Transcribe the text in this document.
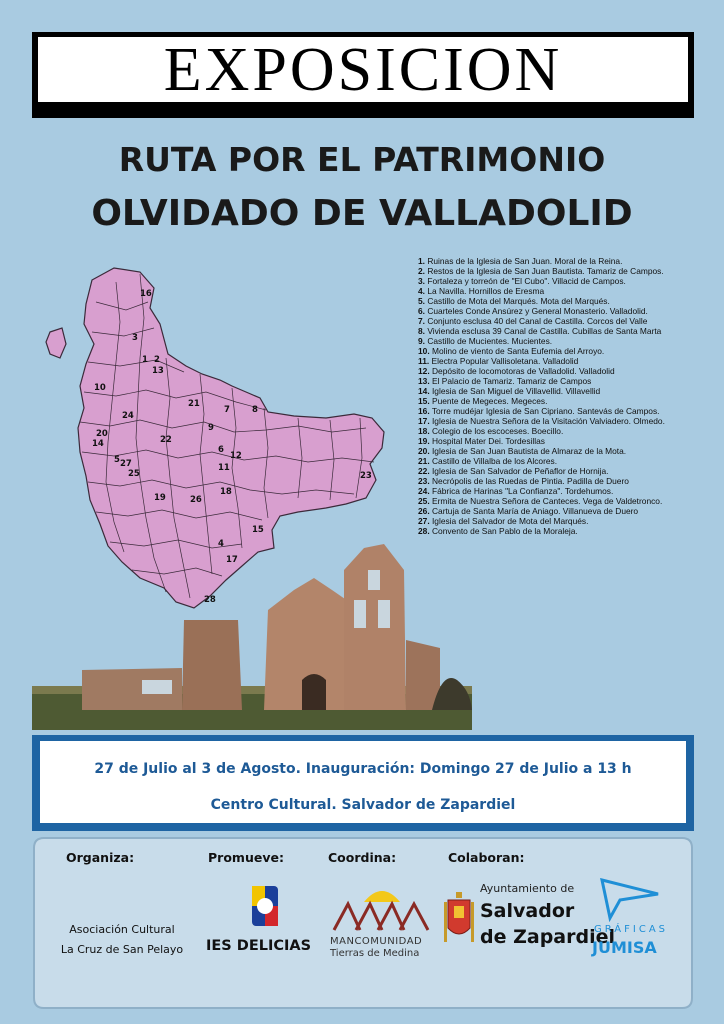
EXPOSICION
RUTA POR EL PATRIMONIO
OLVIDADO DE VALLADOLID
16
3
1 2
13
10
21
7	8
24
9
20
14	22
6
12
5 27
25
11
18
23
19	26
15
4
17
28
1. Ruinas de la Iglesia de San Juan. Moral de la Reina.
2. Restos de la Iglesia de San Juan Bautista. Tamariz de Campos.
3. Fortaleza y torreón de "El Cubo". Villacid de Campos.
4. La Navilla. Hornillos de Eresma
5. Castillo de Mota del Marqués. Mota del Marqués.
6. Cuarteles Conde Ansúrez y General Monasterio. Valladolid.
7. Conjunto esclusa 40 del Canal de Castilla. Corcos del Valle
8. Vivienda esclusa 39 Canal de Castilla. Cubillas de Santa Marta
9. Castillo de Mucientes. Mucientes.
10. Molino de viento de Santa Eufemia del Arroyo.
11. Electra Popular Vallisoletana. Valladolid
12. Depósito de locomotoras de Valladolid. Valladolid
13. El Palacio de Tamariz. Tamariz de Campos
14. Iglesia de San Miguel de Villavellid. Villavellid
15. Puente de Megeces. Megeces.
16. Torre mudéjar Iglesia de San Cipriano. Santevás de Campos.
17. Iglesia de Nuestra Señora de la Visitación Valviadero. Olmedo.
18. Colegio de los escoceses. Boecillo.
19. Hospital Mater Dei. Tordesillas
20. Iglesia de San Juan Bautista de Almaraz de la Mota.
21. Castillo de Villalba de los Alcores.
22. Iglesia de San Salvador de Peñaflor de Hornija.
23. Necrópolis de las Ruedas de Pintia. Padilla de Duero
24. Fábrica de Harinas "La Confianza". Tordehumos.
25. Ermita de Nuestra Señora de Canteces. Vega de Valdetronco.
26. Cartuja de Santa María de Aniago. Villanueva de Duero
27. Iglesia del Salvador de Mota del Marqués.
28. Convento de San Pablo de la Moraleja.
27 de Julio al 3 de Agosto. Inauguración: Domingo 27 de Julio a 13 h
Centro Cultural. Salvador de Zapardiel
Organiza:	Promueve:	Coordina:	Colaboran:
Asociación Cultural
La Cruz de San Pelayo	IES DELICIAS MANCOMUNIDAD
Tierras de Medina
Ayuntamiento de
Salvador
de Zapardiel
GRÁFICAS
JUMISA
